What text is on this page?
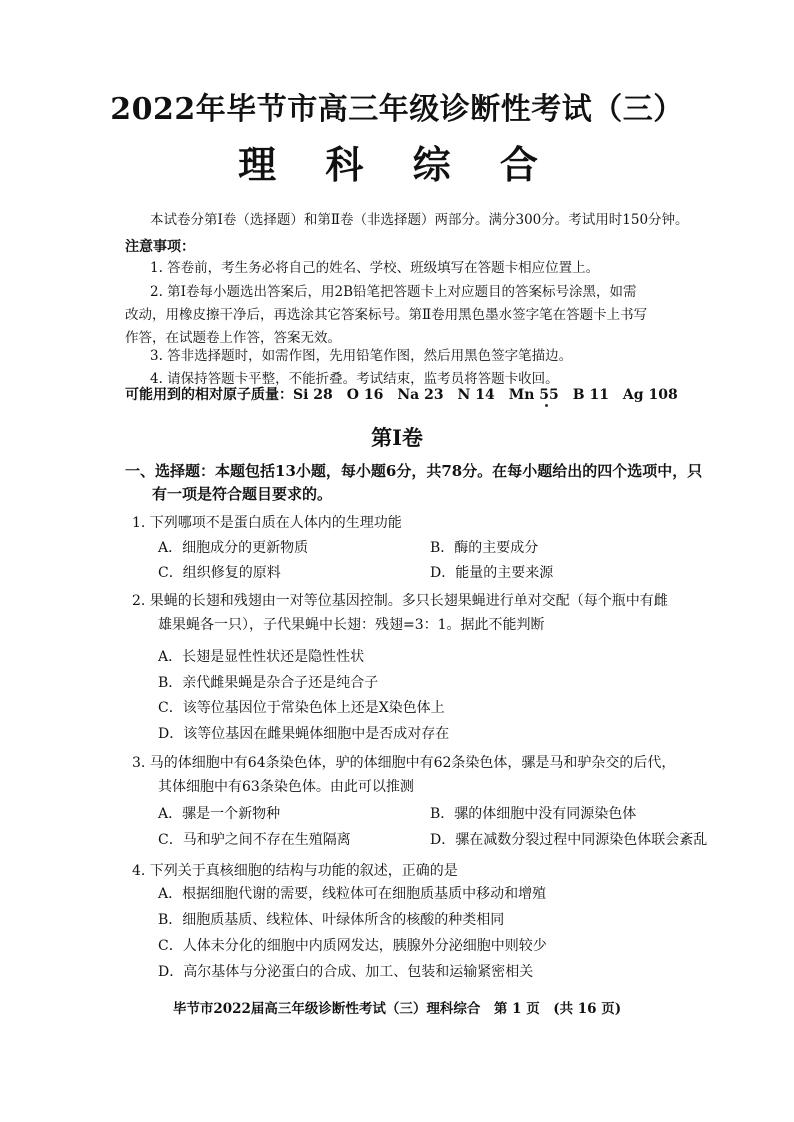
2022年毕节市高三年级诊断性考试（三）
理 科 综 合
本试卷分第Ⅰ卷（选择题）和第Ⅱ卷（非选择题）两部分。满分300分。考试用时150分钟。
注意事项：
1. 答卷前，考生务必将自己的姓名、学校、班级填写在答题卡相应位置上。
2. 第Ⅰ卷每小题选出答案后，用2B铅笔把答题卡上对应题目的答案标号涂黑，如需
改动，用橡皮擦干净后，再选涂其它答案标号。第Ⅱ卷用黑色墨水签字笔在答题卡上书写
作答，在试题卷上作答，答案无效。
3. 答非选择题时，如需作图，先用铅笔作图，然后用黑色签字笔描边。
4. 请保持答题卡平整，不能折叠。考试结束，监考员将答题卡收回。
可能用到的相对原子质量：Si 28　O 16　Na 23　N 14　Mn 55　B 11　Ag 108
第Ⅰ卷
一、选择题：本题包括13小题，每小题6分，共78分。在每小题给出的四个选项中，只
有一项是符合题目要求的。
1. 下列哪项不是蛋白质在人体内的生理功能
A．细胞成分的更新物质	B．酶的主要成分
C．组织修复的原料	D．能量的主要来源
2. 果蝇的长翅和残翅由一对等位基因控制。多只长翅果蝇进行单对交配（每个瓶中有雌
雄果蝇各一只），子代果蝇中长翅：残翅=3：1。据此不能判断
A．长翅是显性性状还是隐性性状
B．亲代雌果蝇是杂合子还是纯合子
C．该等位基因位于常染色体上还是X染色体上
D．该等位基因在雌果蝇体细胞中是否成对存在
3. 马的体细胞中有64条染色体，驴的体细胞中有62条染色体，骡是马和驴杂交的后代，
其体细胞中有63条染色体。由此可以推测
A．骡是一个新物种	B．骡的体细胞中没有同源染色体
C．马和驴之间不存在生殖隔离	D．骡在减数分裂过程中同源染色体联会紊乱
4. 下列关于真核细胞的结构与功能的叙述，正确的是
A．根据细胞代谢的需要，线粒体可在细胞质基质中移动和增殖
B．细胞质基质、线粒体、叶绿体所含的核酸的种类相同
C．人体未分化的细胞中内质网发达，胰腺外分泌细胞中则较少
D．高尔基体与分泌蛋白的合成、加工、包装和运输紧密相关
毕节市2022届高三年级诊断性考试（三）理科综合　第 1 页　(共 16 页)
